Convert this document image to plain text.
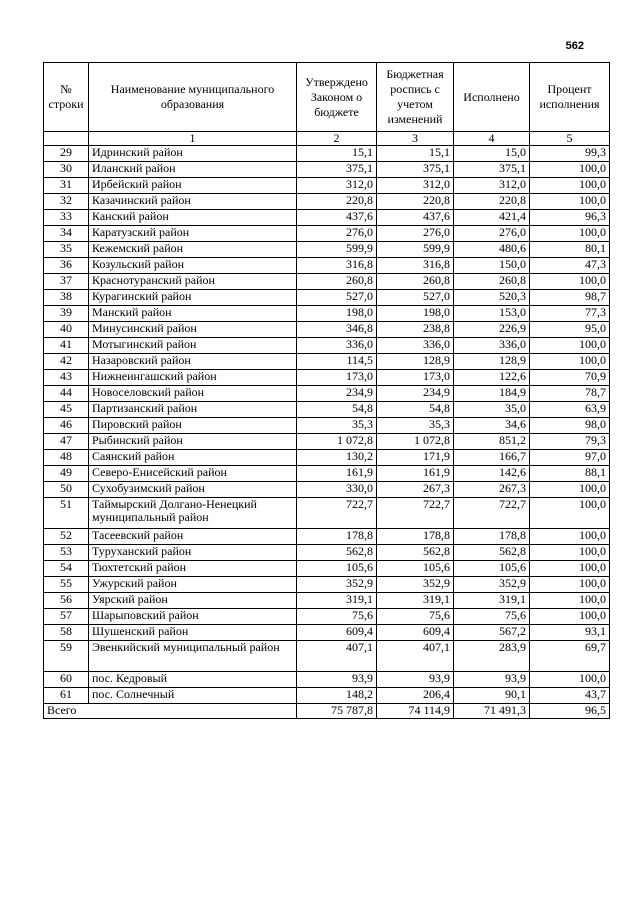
562
№ строки	Наименование муниципального образования	Утверждено Законом о бюджете	Бюджетная роспись с учетом изменений	Исполнено	Процент исполнения
	1	2	3	4	5
29	Идринский район	15,1	15,1	15,0	99,3
30	Иланский район	375,1	375,1	375,1	100,0
31	Ирбейский район	312,0	312,0	312,0	100,0
32	Казачинский район	220,8	220,8	220,8	100,0
33	Канский район	437,6	437,6	421,4	96,3
34	Каратузский район	276,0	276,0	276,0	100,0
35	Кежемский район	599,9	599,9	480,6	80,1
36	Козульский район	316,8	316,8	150,0	47,3
37	Краснотуранский район	260,8	260,8	260,8	100,0
38	Курагинский район	527,0	527,0	520,3	98,7
39	Манский район	198,0	198,0	153,0	77,3
40	Минусинский район	346,8	238,8	226,9	95,0
41	Мотыгинский район	336,0	336,0	336,0	100,0
42	Назаровский район	114,5	128,9	128,9	100,0
43	Нижнеингашский район	173,0	173,0	122,6	70,9
44	Новоселовский район	234,9	234,9	184,9	78,7
45	Партизанский район	54,8	54,8	35,0	63,9
46	Пировский район	35,3	35,3	34,6	98,0
47	Рыбинский район	1 072,8	1 072,8	851,2	79,3
48	Саянский район	130,2	171,9	166,7	97,0
49	Северо-Енисейский район	161,9	161,9	142,6	88,1
50	Сухобузимский район	330,0	267,3	267,3	100,0
51	Таймырский Долгано-Ненецкий муниципальный район	722,7	722,7	722,7	100,0
52	Тасеевский район	178,8	178,8	178,8	100,0
53	Туруханский район	562,8	562,8	562,8	100,0
54	Тюхтетский район	105,6	105,6	105,6	100,0
55	Ужурский район	352,9	352,9	352,9	100,0
56	Уярский район	319,1	319,1	319,1	100,0
57	Шарыповский район	75,6	75,6	75,6	100,0
58	Шушенский район	609,4	609,4	567,2	93,1
59	Эвенкийский муниципальный район	407,1	407,1	283,9	69,7
60	пос. Кедровый	93,9	93,9	93,9	100,0
61	пос. Солнечный	148,2	206,4	90,1	43,7
Всего		75 787,8	74 114,9	71 491,3	96,5
